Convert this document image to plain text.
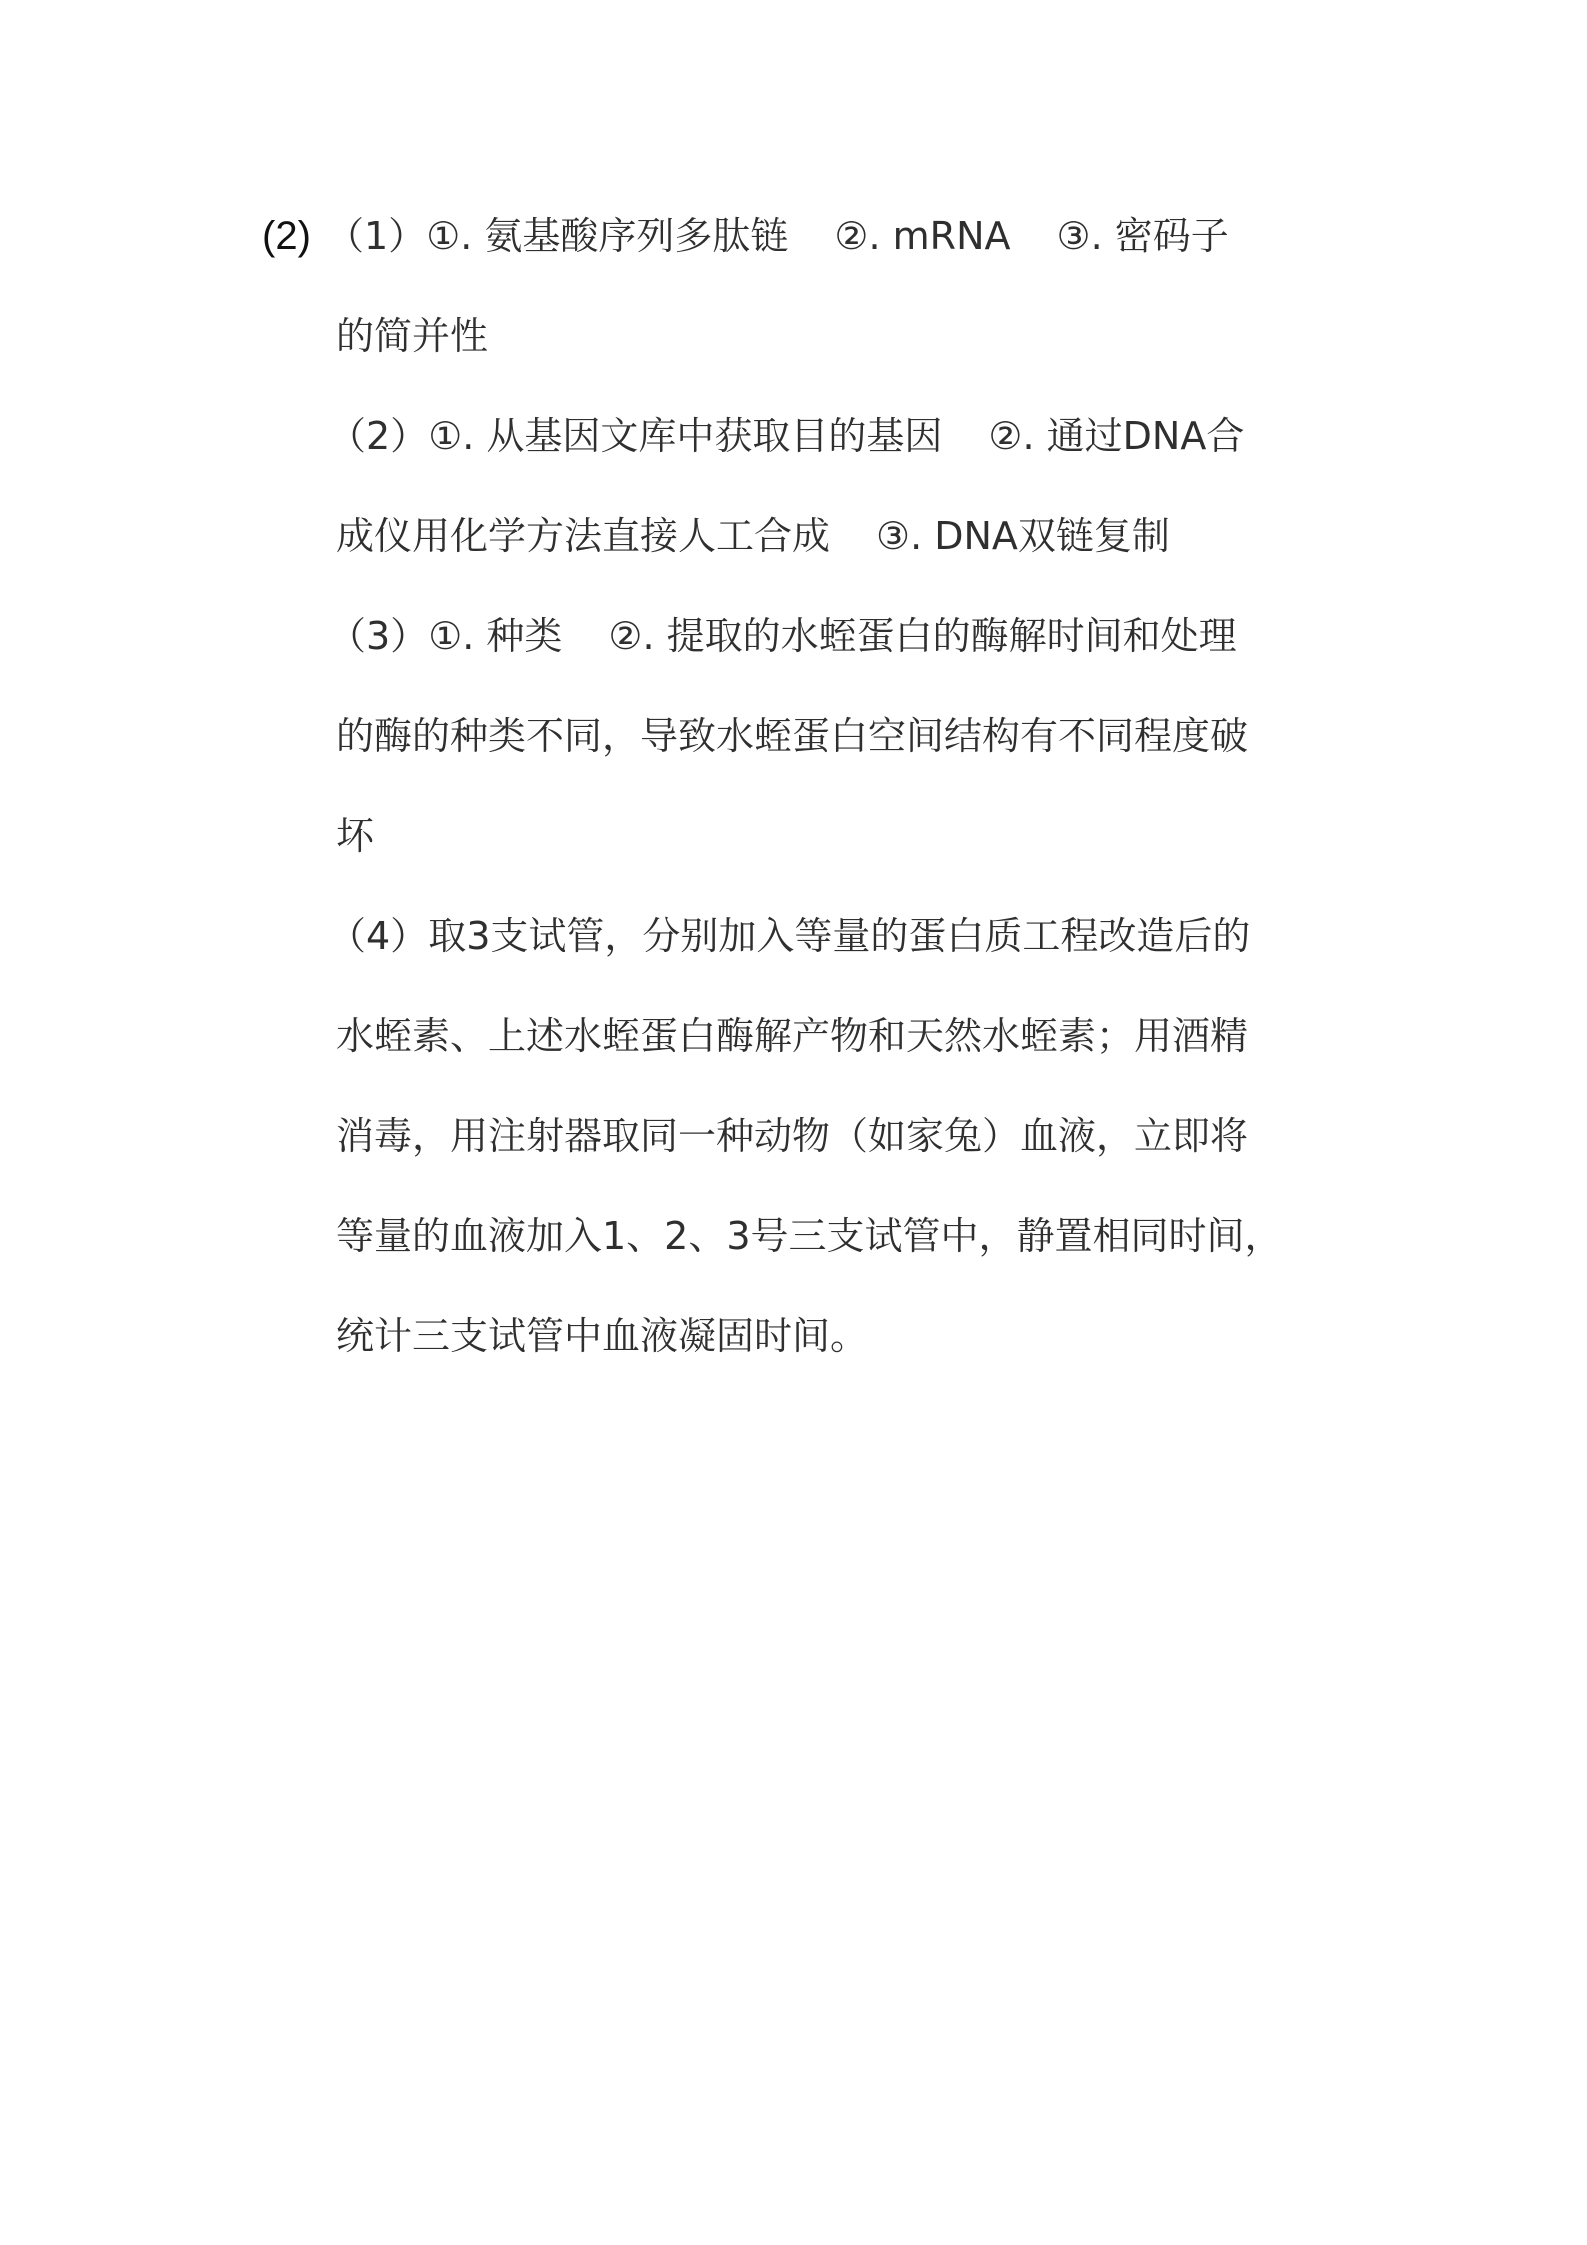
(2) （1）①. 氨基酸序列多肽链 ②. mRNA ③. 密码子
的简并性
（2）①. 从基因文库中获取目的基因 ②. 通过DNA合
成仪用化学方法直接人工合成 ③. DNA双链复制
（3）①. 种类 ②. 提取的水蛭蛋白的酶解时间和处理
的酶的种类不同，导致水蛭蛋白空间结构有不同程度破
坏
（4）取3支试管，分别加入等量的蛋白质工程改造后的
水蛭素、上述水蛭蛋白酶解产物和天然水蛭素；用酒精
消毒，用注射器取同一种动物（如家兔）血液，立即将
等量的血液加入1、2、3号三支试管中，静置相同时间，
统计三支试管中血液凝固时间。
